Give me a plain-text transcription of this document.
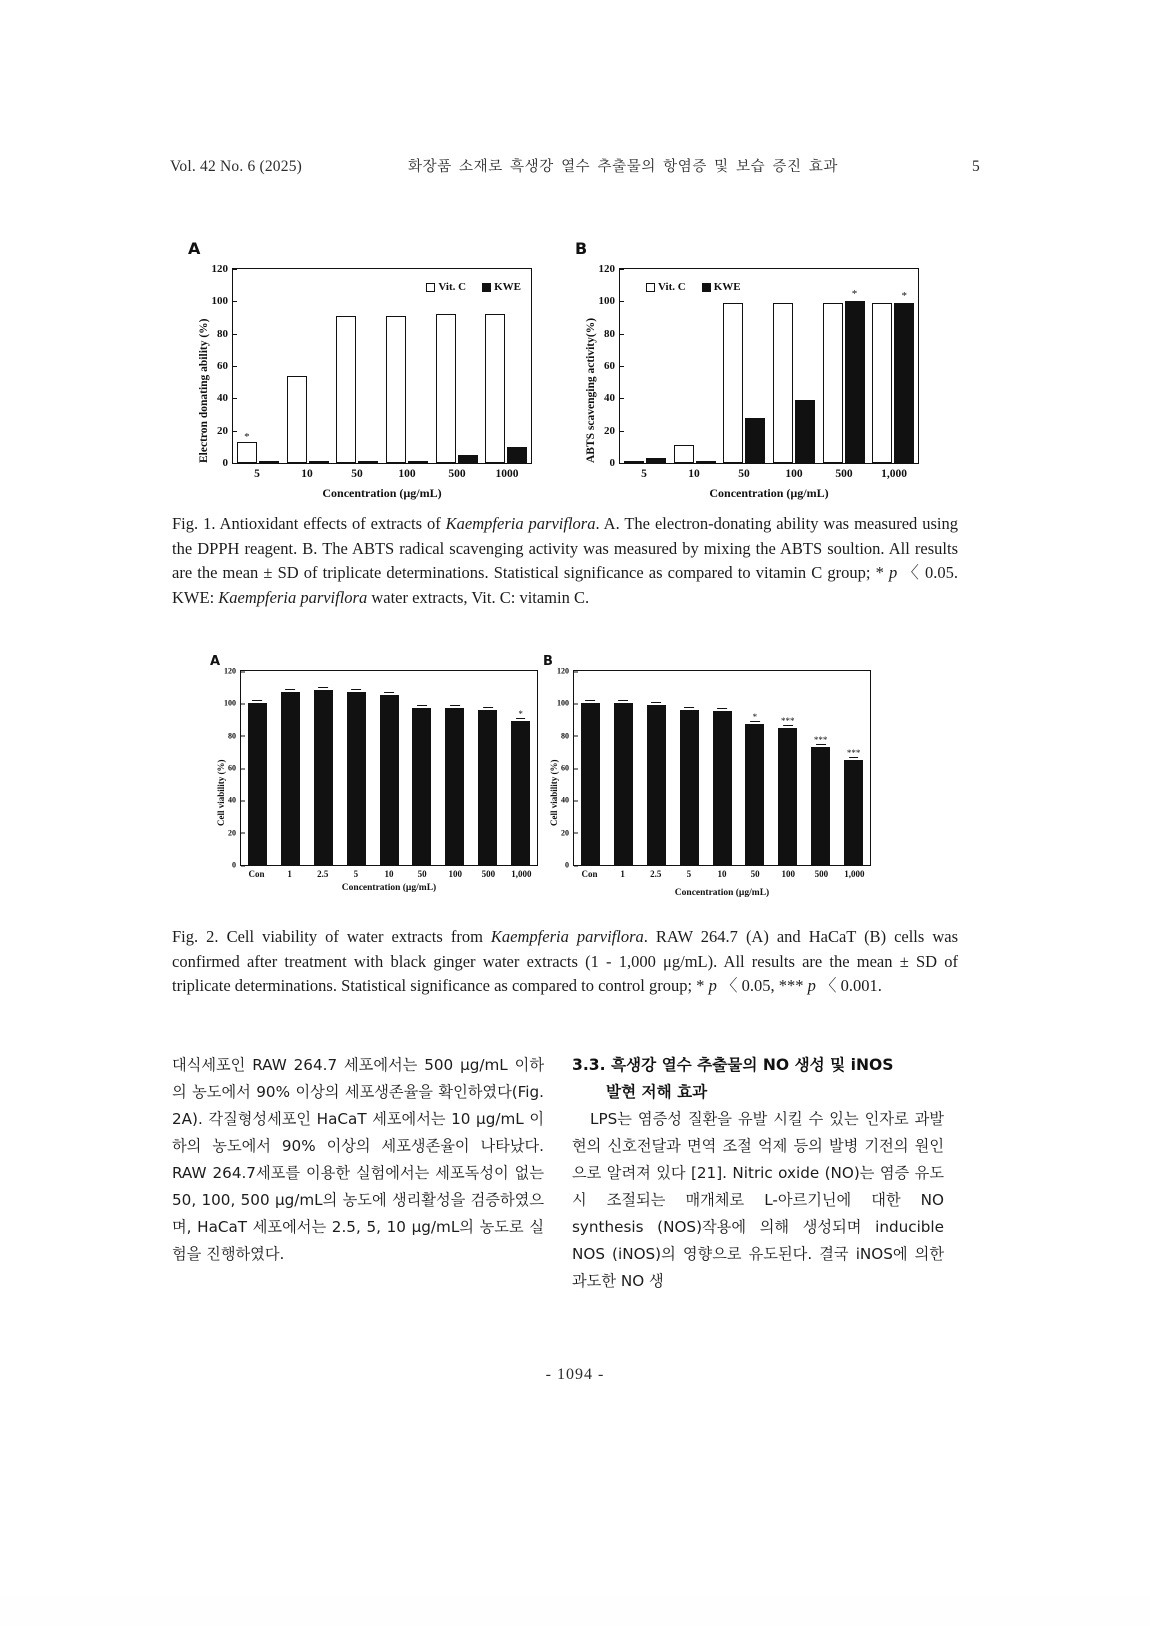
Vol. 42 No. 6 (2025)	화장품 소재로 흑생강 열수 추출물의 항염증 및 보습 증진 효과	5
A
Electron donating ability (%) 0
20
40
60
80
100
120
Vit. C	KWE
*
5	10	50	100	500	1000
Concentration (µg/mL)
B
ABTS scavenging activity(%) 0
20
40
60
80
100
120
Vit. C	KWE
*	*
5	10	50	100	500	1,000
Concentration (µg/mL)
Fig. 1. Antioxidant effects of extracts of Kaempferia parviflora. A. The electron-donating ability was measured using the DPPH reagent. B. The ABTS radical scavenging activity was measured by mixing the ABTS soultion. All results are the mean ± SD of triplicate determinations. Statistical significance as compared to vitamin C group; * p 〈 0.05. KWE: Kaempferia parviflora water extracts, Vit. C: vitamin C.
A
Cell viability (%)
0
20
40
60
80
100
120
*
Con	1	2.5	5	10	50	100	500	1,000
Concentration (µg/mL)
B
Cell viability (%)
0
20
40
60
80
100
120
*	***
***
***
Con	1	2.5	5	10	50	100	500	1,000
Concentration (µg/mL)
Fig. 2. Cell viability of water extracts from Kaempferia parviflora. RAW 264.7 (A) and HaCaT (B) cells was confirmed after treatment with black ginger water extracts (1 - 1,000 μg/mL). All results are the mean ± SD of triplicate determinations. Statistical significance as compared to control group; * p 〈 0.05, *** p 〈 0.001.

대식세포인 RAW 264.7 세포에서는 500 μg/mL 이하의 농도에서 90% 이상의 세포생존율을 확인하였다(Fig. 2A). 각질형성세포인 HaCaT 세포에서는 10 μg/mL 이하의 농도에서 90% 이상의 세포생존율이 나타났다. RAW 264.7세포를 이용한 실험에서는 세포독성이 없는 50, 100, 500 μg/mL의 농도에 생리활성을 검증하였으며, HaCaT 세포에서는 2.5, 5, 10 μg/mL의 농도로 실험을 진행하였다.

3.3. 흑생강 열수 추출물의 NO 생성 및 iNOS
발현 저해 효과

LPS는 염증성 질환을 유발 시킬 수 있는 인자로 과발현의 신호전달과 면역 조절 억제 등의 발병 기전의 원인으로 알려져 있다 [21]. Nitric oxide (NO)는 염증 유도시 조절되는 매개체로 L-아르기닌에 대한 NO synthesis (NOS)작용에 의해 생성되며 inducible NOS (iNOS)의 영향으로 유도된다. 결국 iNOS에 의한 과도한 NO 생

- 1094 -
